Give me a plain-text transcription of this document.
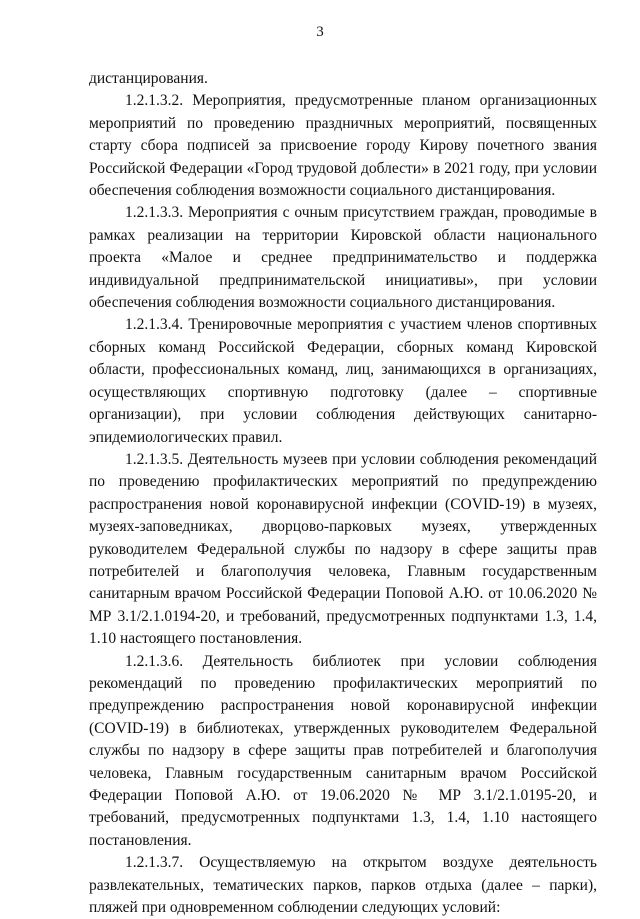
3

дистанцирования.

1.2.1.3.2. Мероприятия, предусмотренные планом организационных мероприятий по проведению праздничных мероприятий, посвященных старту сбора подписей за присвоение городу Кирову почетного звания Российской Федерации «Город трудовой доблести» в 2021 году, при условии обеспечения соблюдения возможности социального дистанцирования.

1.2.1.3.3. Мероприятия с очным присутствием граждан, проводимые в рамках реализации на территории Кировской области национального проекта «Малое и среднее предпринимательство и поддержка индивидуальной предпринимательской инициативы», при условии обеспечения соблюдения возможности социального дистанцирования.

1.2.1.3.4. Тренировочные мероприятия с участием членов спортивных сборных команд Российской Федерации, сборных команд Кировской области, профессиональных команд, лиц, занимающихся в организациях, осуществляющих спортивную подготовку (далее – спортивные организации), при условии соблюдения действующих санитарно-эпидемиологических правил.

1.2.1.3.5. Деятельность музеев при условии соблюдения рекомендаций по проведению профилактических мероприятий по предупреждению распространения новой коронавирусной инфекции (COVID-19) в музеях, музеях-заповедниках, дворцово-парковых музеях, утвержденных руководителем Федеральной службы по надзору в сфере защиты прав потребителей и благополучия человека, Главным государственным санитарным врачом Российской Федерации Поповой А.Ю. от 10.06.2020 № МР 3.1/2.1.0194-20, и требований, предусмотренных подпунктами 1.3, 1.4, 1.10 настоящего постановления.

1.2.1.3.6. Деятельность библиотек при условии соблюдения рекомендаций по проведению профилактических мероприятий по предупреждению распространения новой коронавирусной инфекции (COVID-19) в библиотеках, утвержденных руководителем Федеральной службы по надзору в сфере защиты прав потребителей и благополучия человека, Главным государственным санитарным врачом Российской Федерации Поповой А.Ю. от 19.06.2020 № МР 3.1/2.1.0195-20, и требований, предусмотренных подпунктами 1.3, 1.4, 1.10 настоящего постановления.

1.2.1.3.7. Осуществляемую на открытом воздухе деятельность развлекательных, тематических парков, парков отдыха (далее – парки), пляжей при одновременном соблюдении следующих условий:
